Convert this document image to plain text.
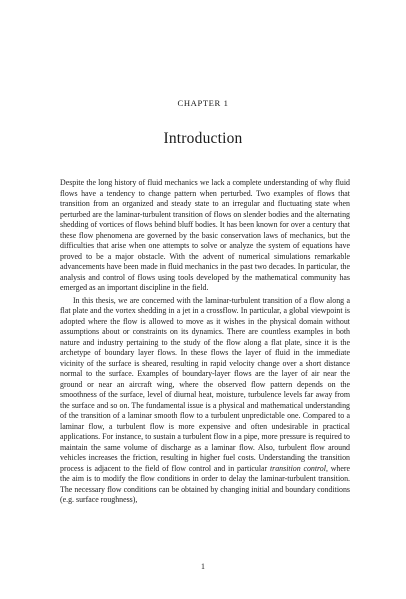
CHAPTER 1
Introduction

Despite the long history of fluid mechanics we lack a complete understanding of why fluid flows have a tendency to change pattern when perturbed. Two examples of flows that transition from an organized and steady state to an irregular and fluctuating state when perturbed are the laminar-turbulent transition of flows on slender bodies and the alternating shedding of vortices of flows behind bluff bodies. It has been known for over a century that these flow phenomena are governed by the basic conservation laws of mechanics, but the difficulties that arise when one attempts to solve or analyze the system of equations have proved to be a major obstacle. With the advent of numerical simulations remarkable advancements have been made in fluid mechanics in the past two decades. In particular, the analysis and control of flows using tools developed by the mathematical community has emerged as an important discipline in the field.

In this thesis, we are concerned with the laminar-turbulent transition of a flow along a flat plate and the vortex shedding in a jet in a crossflow. In particular, a global viewpoint is adopted where the flow is allowed to move as it wishes in the physical domain without assumptions about or constraints on its dynamics. There are countless examples in both nature and industry pertaining to the study of the flow along a flat plate, since it is the archetype of boundary layer flows. In these flows the layer of fluid in the immediate vicinity of the surface is sheared, resulting in rapid velocity change over a short distance normal to the surface. Examples of boundary-layer flows are the layer of air near the ground or near an aircraft wing, where the observed flow pattern depends on the smoothness of the surface, level of diurnal heat, moisture, turbulence levels far away from the surface and so on. The fundamental issue is a physical and mathematical understanding of the transition of a laminar smooth flow to a turbulent unpredictable one. Compared to a laminar flow, a turbulent flow is more expensive and often undesirable in practical applications. For instance, to sustain a turbulent flow in a pipe, more pressure is required to maintain the same volume of discharge as a laminar flow. Also, turbulent flow around vehicles increases the friction, resulting in higher fuel costs. Understanding the transition process is adjacent to the field of flow control and in particular transition control, where the aim is to modify the flow conditions in order to delay the laminar-turbulent transition. The necessary flow conditions can be obtained by changing initial and boundary conditions (e.g. surface roughness),

1
